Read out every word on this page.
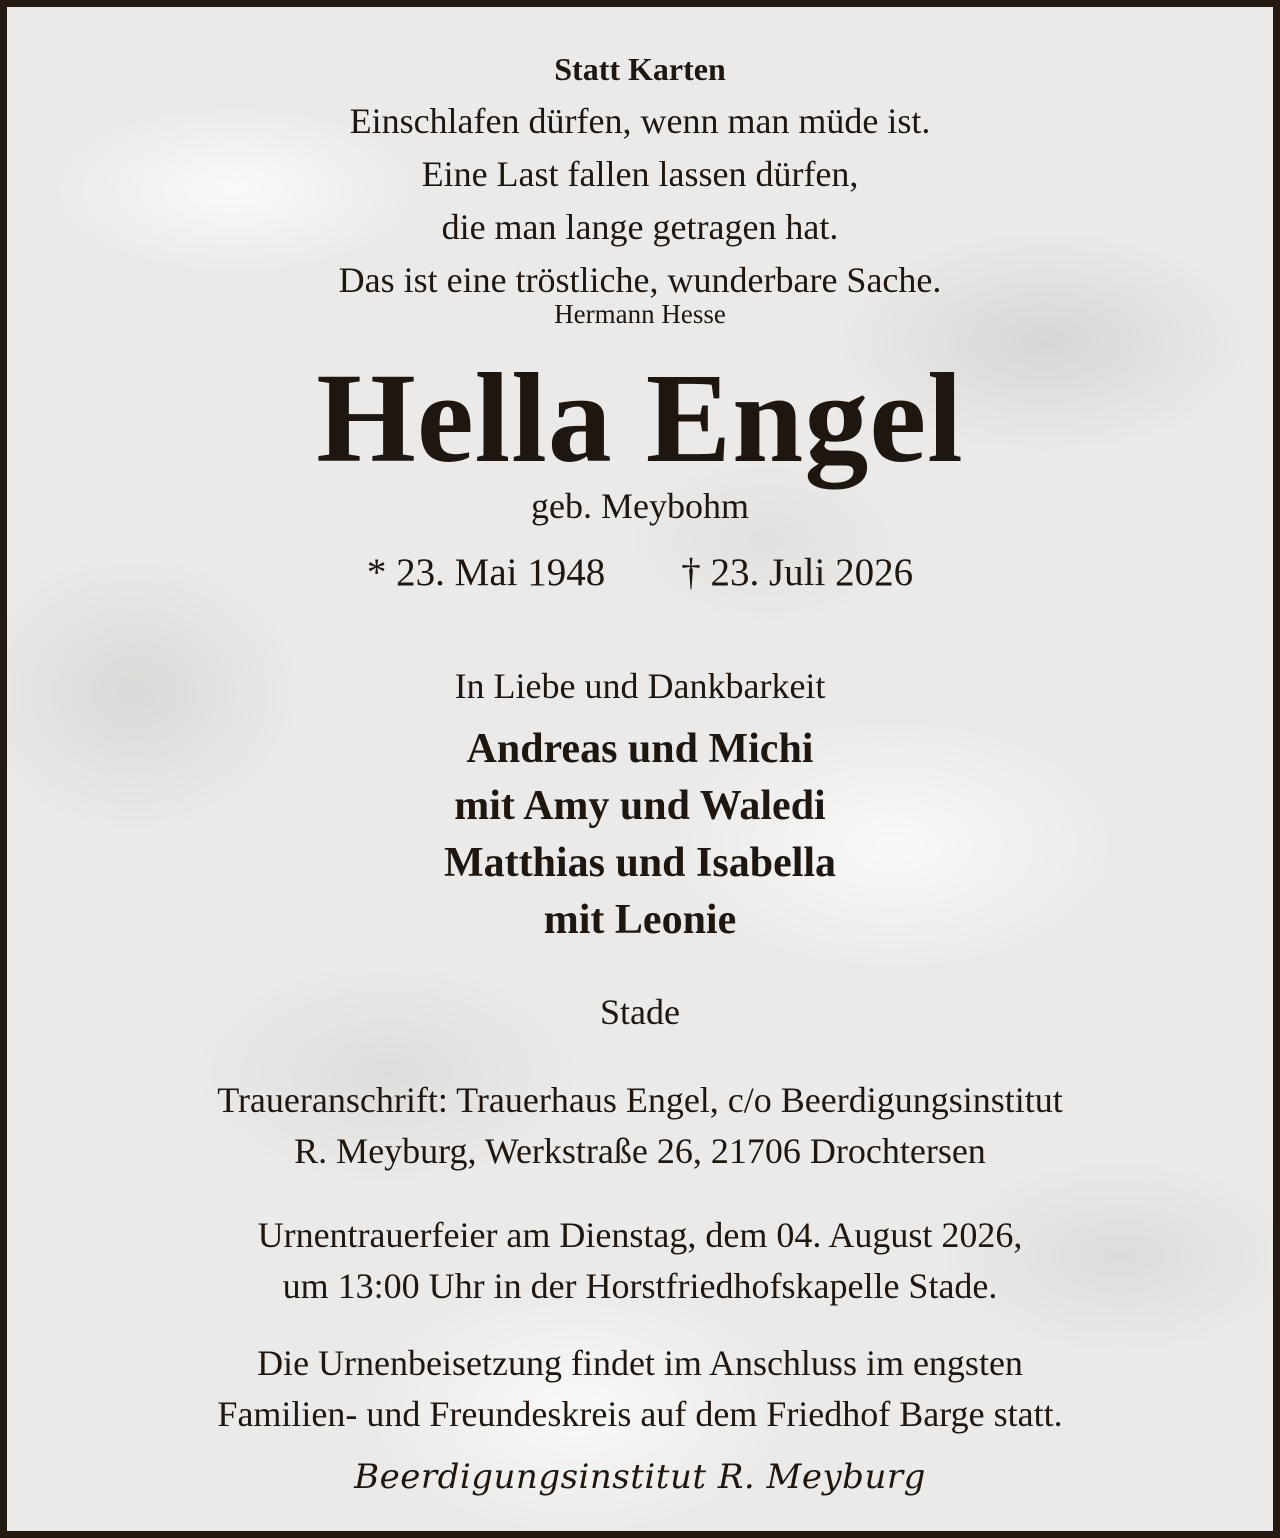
Statt Karten
Einschlafen dürfen, wenn man müde ist.
Eine Last fallen lassen dürfen,
die man lange getragen hat.
Das ist eine tröstliche, wunderbare Sache.
Hermann Hesse
Hella Engel
geb. Meybohm
* 23. Mai 1948 † 23. Juli 2026
In Liebe und Dankbarkeit
Andreas und Michi
mit Amy und Waledi
Matthias und Isabella
mit Leonie
Stade
Traueranschrift: Trauerhaus Engel, c/o Beerdigungsinstitut
R. Meyburg, Werkstraße 26, 21706 Drochtersen
Urnentrauerfeier am Dienstag, dem 04. August 2026,
um 13:00 Uhr in der Horstfriedhofskapelle Stade.
Die Urnenbeisetzung findet im Anschluss im engsten
Familien- und Freundeskreis auf dem Friedhof Barge statt.
Beerdigungsinstitut R. Meyburg
